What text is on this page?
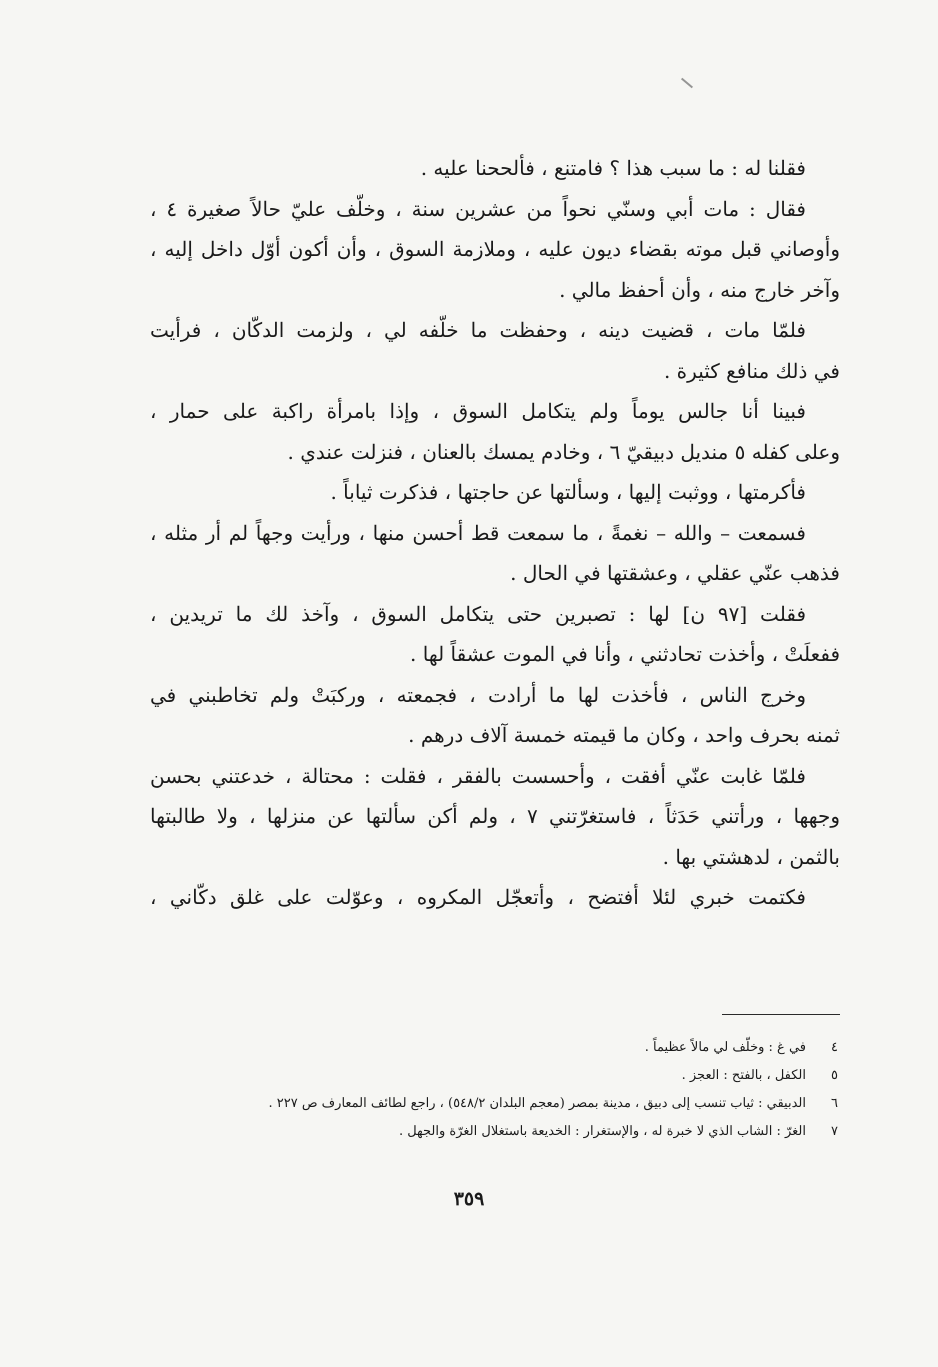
فقلنا له : ما سبب هذا ؟ فامتنع ، فألححنا عليه .
فقال : مات أبي وسنّي نحواً من عشرين سنة ، وخلّف عليّ حالاً صغيرة ٤ ،
وأوصاني قبل موته بقضاء ديون عليه ، وملازمة السوق ، وأن أكون أوّل داخل إليه ،
وآخر خارج منه ، وأن أحفظ مالي .
فلمّا مات ، قضيت دينه ، وحفظت ما خلّفه لي ، ولزمت الدكّان ، فرأيت
في ذلك منافع كثيرة .
فبينا أنا جالس يوماً ولم يتكامل السوق ، وإذا بامرأة راكبة على حمار ،
وعلى كفله ٥ منديل دبيقيّ ٦ ، وخادم يمسك بالعنان ، فنزلت عندي .
فأكرمتها ، ووثبت إليها ، وسألتها عن حاجتها ، فذكرت ثياباً .
فسمعت – والله – نغمةً ، ما سمعت قط أحسن منها ، ورأيت وجهاً لم أر مثله ،
فذهب عنّي عقلي ، وعشقتها في الحال .
فقلت [٩٧ ن] لها : تصبرين حتى يتكامل السوق ، وآخذ لك ما تريدين ،
ففعلَتْ ، وأخذت تحادثني ، وأنا في الموت عشقاً لها .
وخرج الناس ، فأخذت لها ما أرادت ، فجمعته ، وركبَتْ ولم تخاطبني في
ثمنه بحرف واحد ، وكان ما قيمته خمسة آلاف درهم .
فلمّا غابت عنّي أفقت ، وأحسست بالفقر ، فقلت : محتالة ، خدعتني بحسن
وجهها ، ورأتني حَدَثاً ، فاستغرّتني ٧ ، ولم أكن سألتها عن منزلها ، ولا طالبتها
بالثمن ، لدهشتي بها .
فكتمت خبري لئلا أفتضح ، وأتعجّل المكروه ، وعوّلت على غلق دكّاني ،
٤
في غ : وخلّف لي مالاً عظيماً .
٥
الكفل ، بالفتح : العجز .
٦
الدبيقي : ثياب تنسب إلى دبيق ، مدينة بمصر (معجم البلدان ٥٤٨/٢) ، راجع لطائف المعارف ص ٢٢٧ .
٧
الغرّ : الشاب الذي لا خبرة له ، والإستغرار : الخديعة باستغلال الغرّة والجهل .
٣٥٩
